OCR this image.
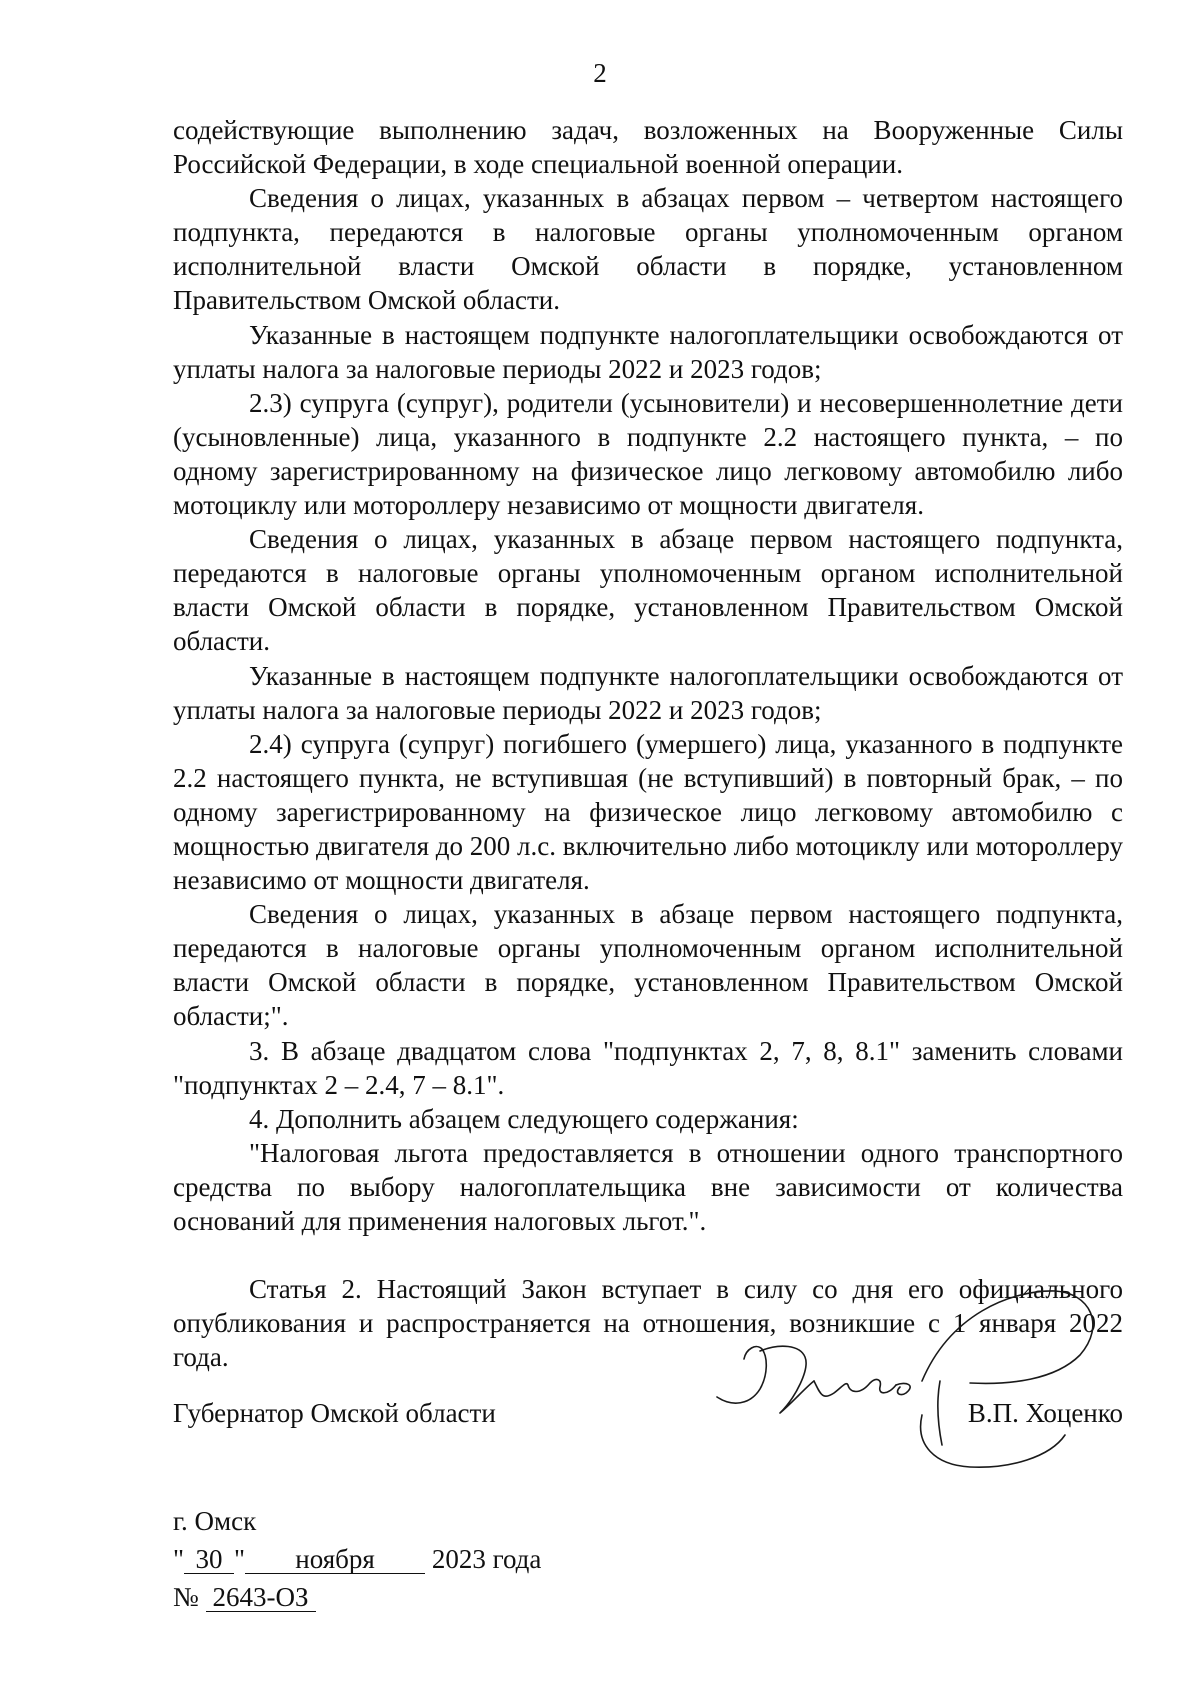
2

содействующие выполнению задач, возложенных на Вооруженные Силы Российской Федерации, в ходе специальной военной операции.

Сведения о лицах, указанных в абзацах первом – четвертом настоящего подпункта, передаются в налоговые органы уполномоченным органом исполнительной власти Омской области в порядке, установленном Правительством Омской области.

Указанные в настоящем подпункте налогоплательщики освобождаются от уплаты налога за налоговые периоды 2022 и 2023 годов;

2.3) супруга (супруг), родители (усыновители) и несовершеннолетние дети (усыновленные) лица, указанного в подпункте 2.2 настоящего пункта, – по одному зарегистрированному на физическое лицо легковому автомобилю либо мотоциклу или мотороллеру независимо от мощности двигателя.

Сведения о лицах, указанных в абзаце первом настоящего подпункта, передаются в налоговые органы уполномоченным органом исполнительной власти Омской области в порядке, установленном Правительством Омской области.

Указанные в настоящем подпункте налогоплательщики освобождаются от уплаты налога за налоговые периоды 2022 и 2023 годов;

2.4) супруга (супруг) погибшего (умершего) лица, указанного в подпункте 2.2 настоящего пункта, не вступившая (не вступивший) в повторный брак, – по одному зарегистрированному на физическое лицо легковому автомобилю с мощностью двигателя до 200 л.с. включительно либо мотоциклу или мотороллеру независимо от мощности двигателя.

Сведения о лицах, указанных в абзаце первом настоящего подпункта, передаются в налоговые органы уполномоченным органом исполнительной власти Омской области в порядке, установленном Правительством Омской области;".

3. В абзаце двадцатом слова "подпунктах 2, 7, 8, 8.1" заменить словами "подпунктах 2 – 2.4, 7 – 8.1".

4. Дополнить абзацем следующего содержания:

"Налоговая льгота предоставляется в отношении одного транспортного средства по выбору налогоплательщика вне зависимости от количества оснований для применения налоговых льгот.".

Статья 2. Настоящий Закон вступает в силу со дня его официального опубликования и распространяется на отношения, возникшие с 1 января 2022 года.

Губернатор Омской области	В.П. Хоценко
г. Омск
" 30 " ноября 2023 года
№ 2643-ОЗ
